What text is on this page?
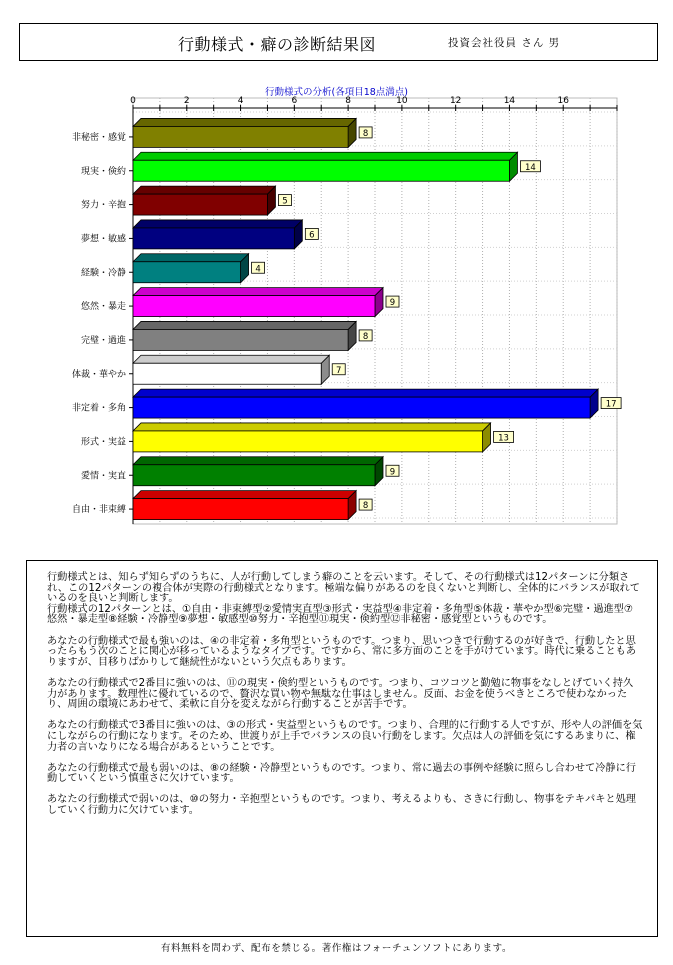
行動様式・癖の診断結果図	投資会社役員 さん 男
行動様式の分析(各項目18点満点)
0	2	4	6	8	10	12	14	16
非秘密・感覚	8
現実・倹約	14
努力・辛抱	5
夢想・敏感	6
経験・冷静	4
悠然・暴走	9
完璧・過進	8
体裁・華やか	7
非定着・多角	17
形式・実益	13
愛情・実直	9
自由・非束縛	8

行動様式とは、知らず知らずのうちに、人が行動してしまう癖のことを云います。そして、その行動様式は12パターンに分類され、この12パターンの複合体が実際の行動様式となります。極端な偏りがあるのを良くないと判断し、全体的にバランスが取れているのを良いと判断します。
行動様式の12パターンとは、①自由・非束縛型②愛情実直型③形式・実益型④非定着・多角型⑤体裁・華やか型⑥完璧・過進型⑦悠然・暴走型⑧経験・冷静型⑨夢想・敏感型⑩努力・辛抱型⑪現実・倹約型⑫非秘密・感覚型というものです。

あなたの行動様式で最も強いのは、④の非定着・多角型というものです。つまり、思いつきで行動するのが好きで、行動したと思ったらもう次のことに関心が移っているようなタイプです。ですから、常に多方面のことを手がけています。時代に乗ることもありますが、目移りばかりして継続性がないという欠点もあります。

あなたの行動様式で2番目に強いのは、⑪の現実・倹約型というものです。つまり、コツコツと勤勉に物事をなしとげていく持久力があります。数理性に優れているので、贅沢な買い物や無駄な仕事はしません。反面、お金を使うべきところで使わなかったり、周囲の環境にあわせて、柔軟に自分を変えながら行動することが苦手です。

あなたの行動様式で3番目に強いのは、③の形式・実益型というものです。つまり、合理的に行動する人ですが、形や人の評価を気にしながらの行動になります。そのため、世渡りが上手でバランスの良い行動をします。欠点は人の評価を気にするあまりに、権力者の言いなりになる場合があるということです。

あなたの行動様式で最も弱いのは、⑧の経験・冷静型というものです。つまり、常に過去の事例や経験に照らし合わせて冷静に行動していくという慎重さに欠けています。

あなたの行動様式で弱いのは、⑩の努力・辛抱型というものです。つまり、考えるよりも、さきに行動し、物事をテキパキと処理していく行動力に欠けています。

有料無料を問わず、配布を禁じる。著作権はフォーチュンソフトにあります。
